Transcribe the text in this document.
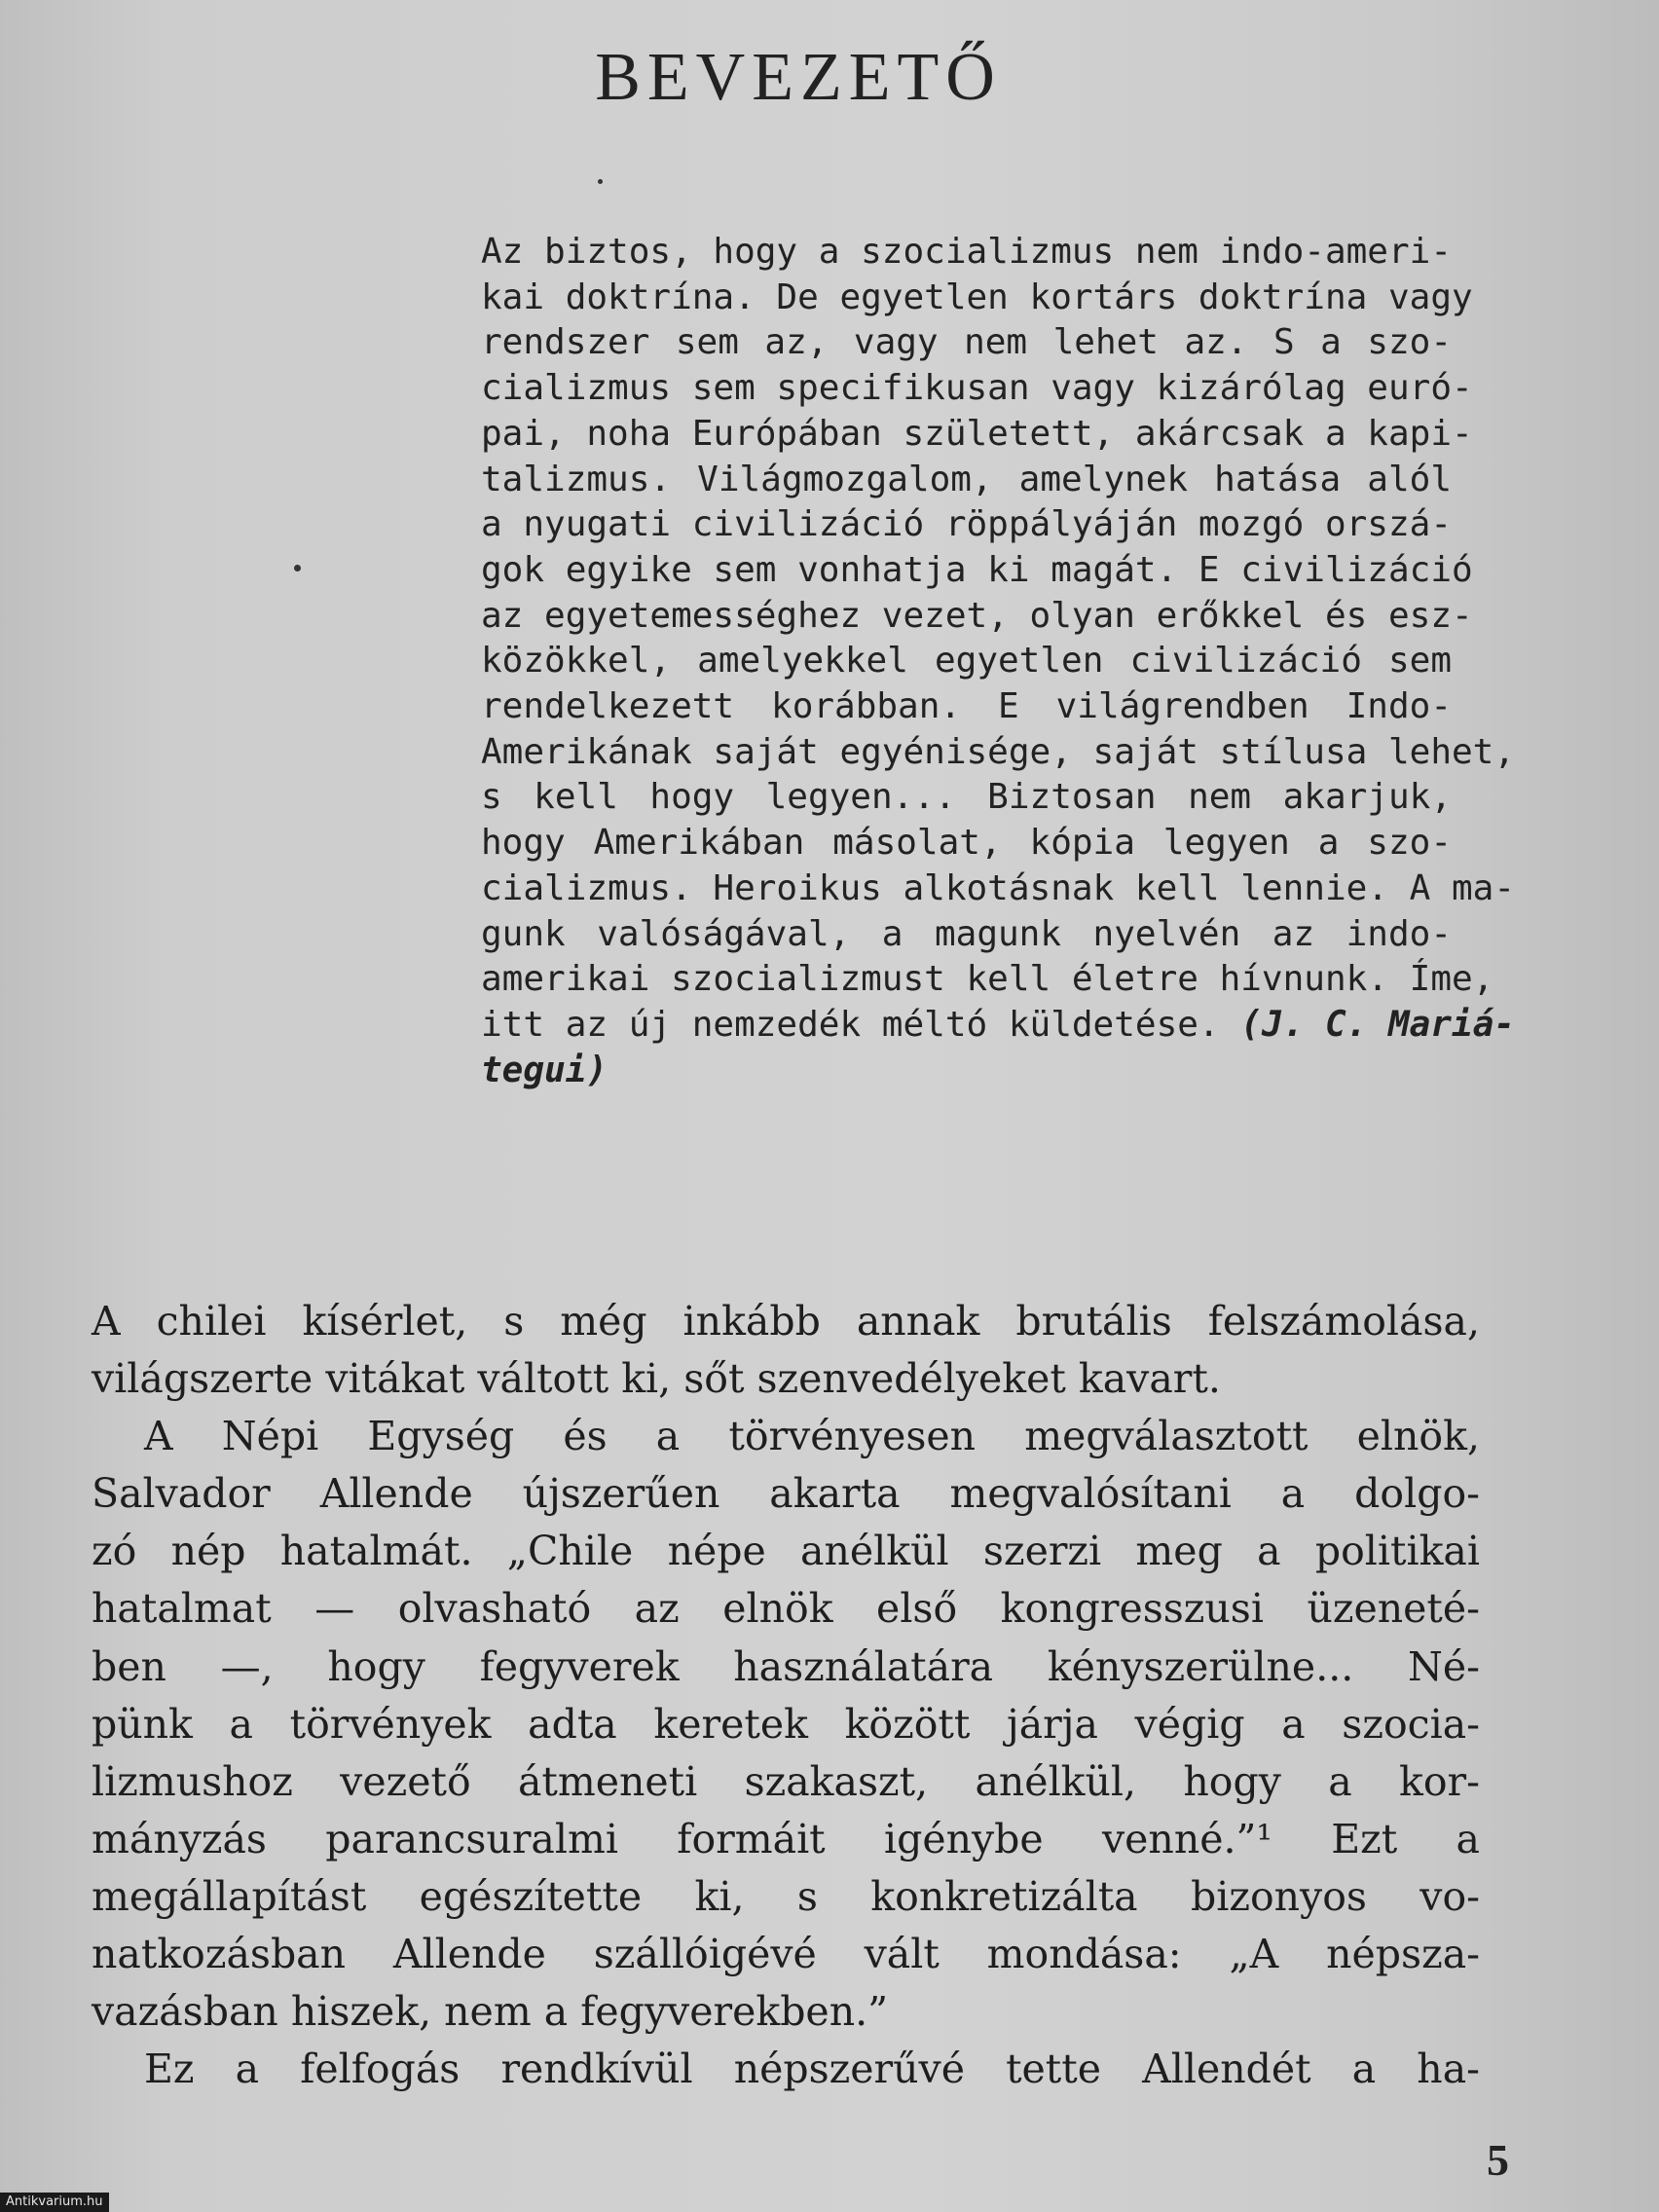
BEVEZETŐ
Az biztos, hogy a szocializmus nem indo-ameri-
kai doktrína. De egyetlen kortárs doktrína vagy
rendszer sem az, vagy nem lehet az. S a szo-
cializmus sem specifikusan vagy kizárólag euró-
pai, noha Európában született, akárcsak a kapi-
talizmus. Világmozgalom, amelynek hatása alól
a nyugati civilizáció röppályáján mozgó orszá-
gok egyike sem vonhatja ki magát. E civilizáció
az egyetemességhez vezet, olyan erőkkel és esz-
közökkel, amelyekkel egyetlen civilizáció sem
rendelkezett korábban. E világrendben Indo-
Amerikának saját egyénisége, saját stílusa lehet,
s kell hogy legyen... Biztosan nem akarjuk,
hogy Amerikában másolat, kópia legyen a szo-
cializmus. Heroikus alkotásnak kell lennie. A ma-
gunk valóságával, a magunk nyelvén az indo-
amerikai szocializmust kell életre hívnunk. Íme,
itt az új nemzedék méltó küldetése. (J. C. Mariá-
tegui)
A chilei kísérlet, s még inkább annak brutális felszámolása,
világszerte vitákat váltott ki, sőt szenvedélyeket kavart.
A Népi Egység és a törvényesen megválasztott elnök,
Salvador Allende újszerűen akarta megvalósítani a dolgo-
zó nép hatalmát. „Chile népe anélkül szerzi meg a politikai
hatalmat — olvasható az elnök első kongresszusi üzeneté-
ben —, hogy fegyverek használatára kényszerülne... Né-
pünk a törvények adta keretek között járja végig a szocia-
lizmushoz vezető átmeneti szakaszt, anélkül, hogy a kor-
mányzás parancsuralmi formáit igénybe venné.”¹ Ezt a
megállapítást egészítette ki, s konkretizálta bizonyos vo-
natkozásban Allende szállóigévé vált mondása: „A népsza-
vazásban hiszek, nem a fegyverekben.”
Ez a felfogás rendkívül népszerűvé tette Allendét a ha-
5
Antikvarium.hu
